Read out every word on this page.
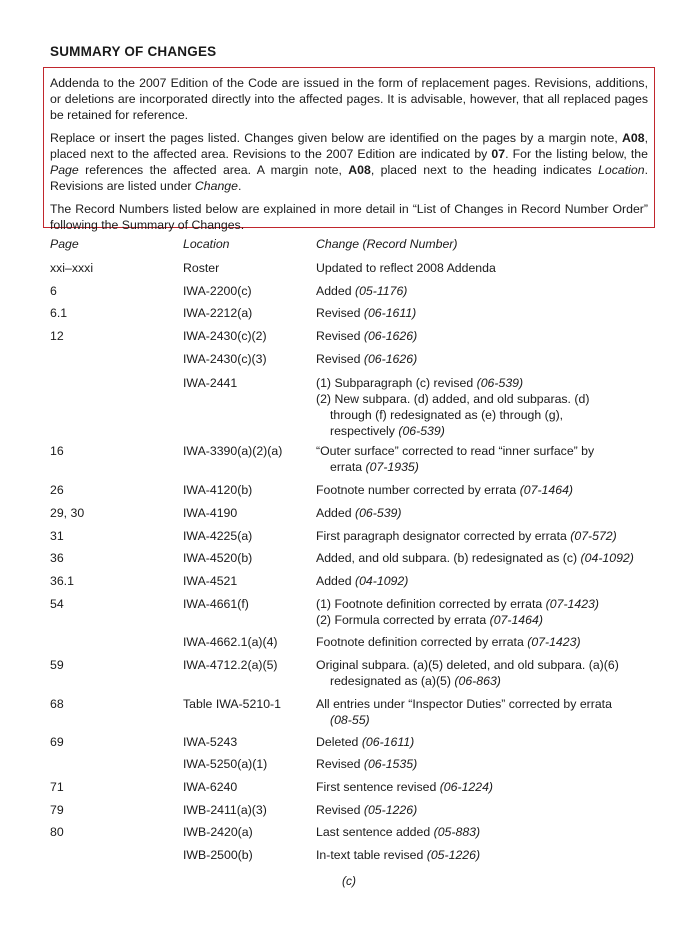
SUMMARY OF CHANGES

Addenda to the 2007 Edition of the Code are issued in the form of replacement pages. Revisions, additions, or deletions are incorporated directly into the affected pages. It is advisable, however, that all replaced pages be retained for reference.

Replace or insert the pages listed. Changes given below are identified on the pages by a margin note, A08, placed next to the affected area. Revisions to the 2007 Edition are indicated by 07. For the listing below, the Page references the affected area. A margin note, A08, placed next to the heading indicates Location. Revisions are listed under Change.

The Record Numbers listed below are explained in more detail in “List of Changes in Record Number Order” following the Summary of Changes.

Page	Location	Change (Record Number)
xxi–xxxi	Roster	Updated to reflect 2008 Addenda
6	IWA-2200(c)	Added (05-1176)
6.1	IWA-2212(a)	Revised (06-1611)
12	IWA-2430(c)(2)	Revised (06-1626)
IWA-2430(c)(3)	Revised (06-1626)
IWA-2441	(1) Subparagraph (c) revised (06-539)
(2) New subpara. (d) added, and old subparas. (d)
through (f) redesignated as (e) through (g),
respectively (06-539)
16	IWA-3390(a)(2)(a)	“Outer surface” corrected to read “inner surface” by
errata (07-1935)
26	IWA-4120(b)	Footnote number corrected by errata (07-1464)
29, 30	IWA-4190	Added (06-539)
31	IWA-4225(a)	First paragraph designator corrected by errata (07-572)
36	IWA-4520(b)	Added, and old subpara. (b) redesignated as (c) (04-1092)
36.1	IWA-4521	Added (04-1092)
54	IWA-4661(f)	(1) Footnote definition corrected by errata (07-1423)
(2) Formula corrected by errata (07-1464)
IWA-4662.1(a)(4)	Footnote definition corrected by errata (07-1423)
59	IWA-4712.2(a)(5)	Original subpara. (a)(5) deleted, and old subpara. (a)(6)
redesignated as (a)(5) (06-863)
68	Table IWA-5210-1	All entries under “Inspector Duties” corrected by errata
(08-55)
69	IWA-5243	Deleted (06-1611)
IWA-5250(a)(1)	Revised (06-1535)
71	IWA-6240	First sentence revised (06-1224)
79	IWB-2411(a)(3)	Revised (05-1226)
80	IWB-2420(a)	Last sentence added (05-883)
IWB-2500(b)	In-text table revised (05-1226)
(c)
